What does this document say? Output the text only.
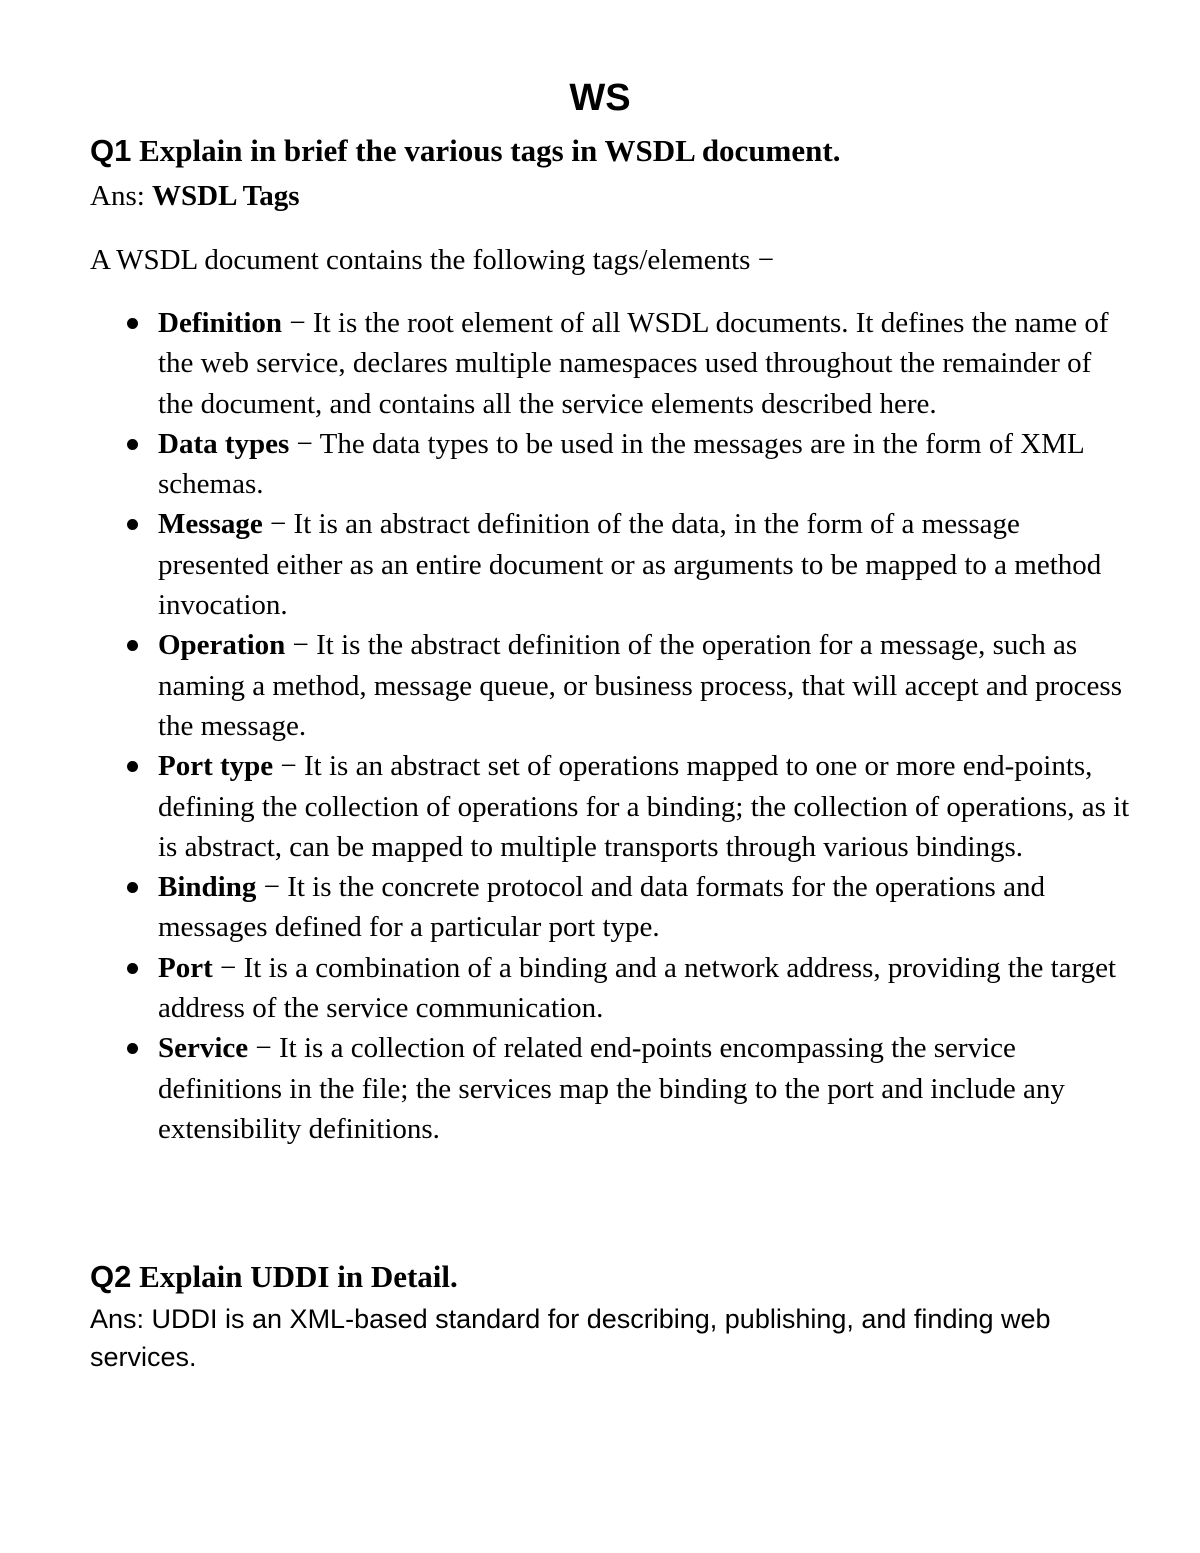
WS
Q1 Explain in brief the various tags in WSDL document.

Ans: WSDL Tags

A WSDL document contains the following tags/elements −

Definition − It is the root element of all WSDL documents. It defines the name of the web service, declares multiple namespaces used throughout the remainder of the document, and contains all the service elements described here.
Data types − The data types to be used in the messages are in the form of XML schemas.
Message − It is an abstract definition of the data, in the form of a message presented either as an entire document or as arguments to be mapped to a method invocation.
Operation − It is the abstract definition of the operation for a message, such as naming a method, message queue, or business process, that will accept and process the message.
Port type − It is an abstract set of operations mapped to one or more end-points, defining the collection of operations for a binding; the collection of operations, as it is abstract, can be mapped to multiple transports through various bindings.
Binding − It is the concrete protocol and data formats for the operations and messages defined for a particular port type.
Port − It is a combination of a binding and a network address, providing the target address of the service communication.
Service − It is a collection of related end-points encompassing the service definitions in the file; the services map the binding to the port and include any extensibility definitions.
Q2 Explain UDDI in Detail.

Ans: UDDI is an XML-based standard for describing, publishing, and finding web services.
